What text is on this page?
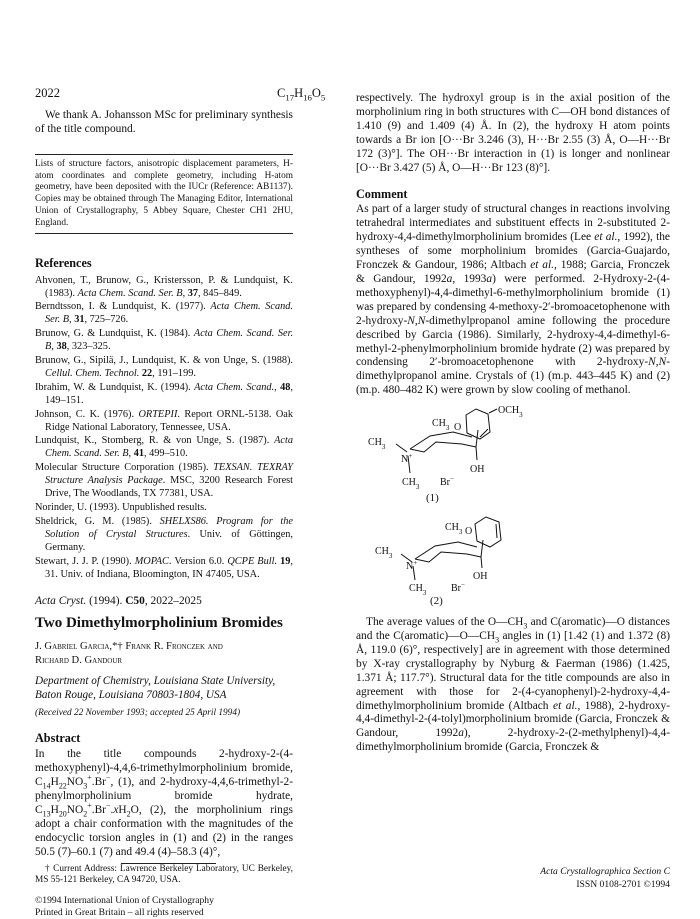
2022	$C_{17}H_{16}O_5$

We thank A. Johansson MSc for preliminary synthesis of the title compound.

Lists of structure factors, anisotropic displacement parameters, H-atom coordinates and complete geometry, including H-atom geometry, have been deposited with the IUCr (Reference: AB1137). Copies may be obtained through The Managing Editor, International Union of Crystallography, 5 Abbey Square, Chester CH1 2HU, England.

References
Ahvonen, T., Brunow, G., Kristersson, P. & Lundquist, K. (1983). Acta Chem. Scand. Ser. B, 37, 845–849.
Berndtsson, I. & Lundquist, K. (1977). Acta Chem. Scand. Ser. B, 31, 725–726.
Brunow, G. & Lundquist, K. (1984). Acta Chem. Scand. Ser. B, 38, 323–325.
Brunow, G., Sipilä, J., Lundquist, K. & von Unge, S. (1988). Cellul. Chem. Technol. 22, 191–199.
Ibrahim, W. & Lundquist, K. (1994). Acta Chem. Scand., 48, 149–151.
Johnson, C. K. (1976). ORTEPII. Report ORNL-5138. Oak Ridge National Laboratory, Tennessee, USA.
Lundquist, K., Stomberg, R. & von Unge, S. (1987). Acta Chem. Scand. Ser. B, 41, 499–510.
Molecular Structure Corporation (1985). TEXSAN. TEXRAY Structure Analysis Package. MSC, 3200 Research Forest Drive, The Woodlands, TX 77381, USA.
Norinder, U. (1993). Unpublished results.
Sheldrick, G. M. (1985). SHELXS86. Program for the Solution of Crystal Structures. Univ. of Göttingen, Germany.
Stewart, J. J. P. (1990). MOPAC. Version 6.0. QCPE Bull. 19, 31. Univ. of Indiana, Bloomington, IN 47405, USA.

Acta Cryst. (1994). C50, 2022–2025

Two Dimethylmorpholinium Bromides

J. Gabriel Garcia,*† Frank R. Fronczek and
Richard D. Gandour

Department of Chemistry, Louisiana State University,
Baton Rouge, Louisiana 70803-1804, USA

(Received 22 November 1993; accepted 25 April 1994)

Abstract

In the title compounds 2-hydroxy-2-(4-methoxyphenyl)-4,4,6-trimethylmorpholinium bromide, $C_{14}H_{22}NO_3^+.Br^-$, (1), and 2-hydroxy-4,4,6-trimethyl-2-phenylmorpholinium bromide hydrate, $C_{13}H_{20}NO_2^+.Br^-.xH_2O$, (2), the morpholinium rings adopt a chair conformation with the magnitudes of the endocyclic torsion angles in (1) and (2) in the ranges 50.5 (7)–60.1 (7) and 49.4 (4)–58.3 (4)°,

† Current Address: Lawrence Berkeley Laboratory, UC Berkeley, MS 55-121 Berkeley, CA 94720, USA.

©1994 International Union of Crystallography
Printed in Great Britain – all rights reserved

respectively. The hydroxyl group is in the axial position of the morpholinium ring in both structures with C—OH bond distances of 1.410 (9) and 1.409 (4) Å. In (2), the hydroxy H atom points towards a Br ion [O···Br 3.246 (3), H···Br 2.55 (3) Å, O—H···Br 172 (3)°]. The OH···Br interaction in (1) is longer and nonlinear [O···Br 3.427 (5) Å, O—H···Br 123 (8)°].

Comment

As part of a larger study of structural changes in reactions involving tetrahedral intermediates and substituent effects in 2-substituted 2-hydroxy-4,4-dimethylmorpholinium bromides (Lee et al., 1992), the syntheses of some morpholinium bromides (Garcia-Guajardo, Fronczek & Gandour, 1986; Altbach et al., 1988; Garcia, Fronczek & Gandour, 1992a, 1993a) were performed. 2-Hydroxy-2-(4-methoxyphenyl)-4,4-dimethyl-6-methylmorpholinium bromide (1) was prepared by condensing 4-methoxy-2′-bromoacetophenone with 2-hydroxy-N,N-dimethylpropanol amine following the procedure described by Garcia (1986). Similarly, 2-hydroxy-4,4-dimethyl-6-methyl-2-phenylmorpholinium bromide hydrate (2) was prepared by condensing 2′-bromoacetophenone with 2-hydroxy-N,N-dimethylpropanol amine. Crystals of (1) (m.p. 443–445 K) and (2) (m.p. 480–482 K) were grown by slow cooling of methanol.

$OCH_3$
$CH_3$ O
$CH_3$
N+
OH
$CH_3$ Br−
(1)
$CH_3$ O
$CH_3$
N+
OH
$CH_3$ Br−
(2)

The average values of the $O—CH_3$ and C(aromatic)—O distances and the $C(aromatic)—O—CH_3$ angles in (1) [1.42 (1) and 1.372 (8) Å, 119.0 (6)°, respectively] are in agreement with those determined by X-ray crystallography by Nyburg & Faerman (1986) (1.425, 1.371 Å; 117.7°). Structural data for the title compounds are also in agreement with those for 2-(4-cyanophenyl)-2-hydroxy-4,4-dimethylmorpholinium bromide (Altbach et al., 1988), 2-hydroxy-4,4-dimethyl-2-(4-tolyl)morpholinium bromide (Garcia, Fronczek & Gandour, 1992a), 2-hydroxy-2-(2-methylphenyl)-4,4-dimethylmorpholinium bromide (Garcia, Fronczek &

Acta Crystallographica Section C
ISSN 0108-2701 ©1994
